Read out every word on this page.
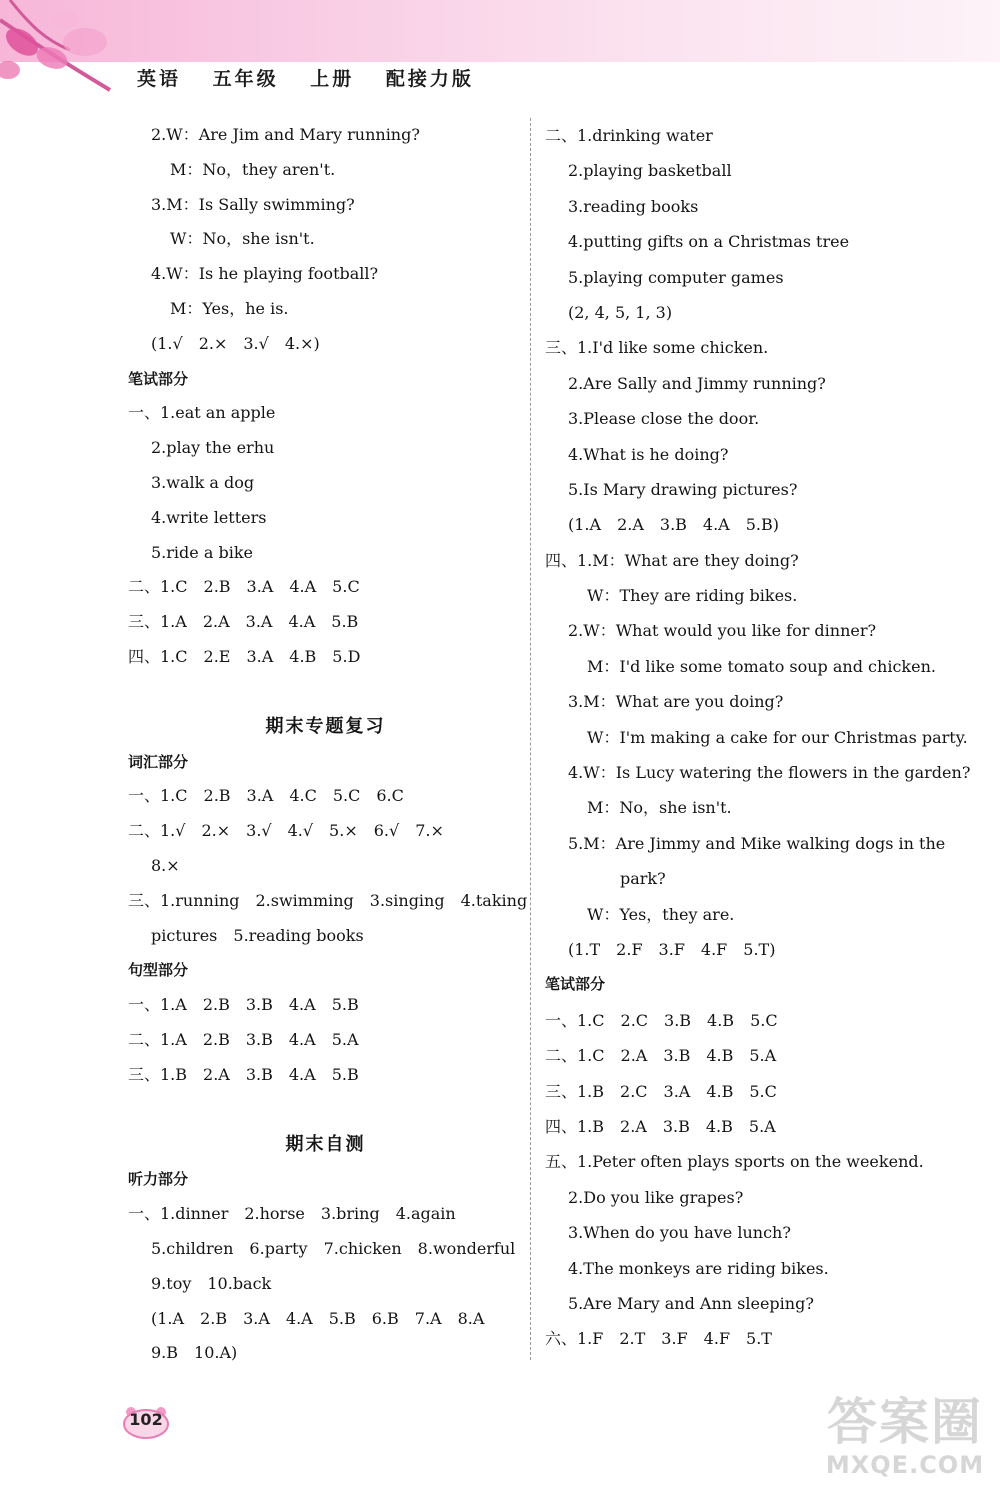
英语 五年级 上册 配接力版
2.W：Are Jim and Mary running?
M：No，they aren't.
3.M：Is Sally swimming?
W：No，she isn't.
4.W：Is he playing football?
M：Yes，he is.
(1.√　2.×　3.√　4.×)
笔试部分
一、1.eat an apple
2.play the erhu
3.walk a dog
4.write letters
5.ride a bike
二、1.C　2.B　3.A　4.A　5.C
三、1.A　2.A　3.A　4.A　5.B
四、1.C　2.E　3.A　4.B　5.D
期末专题复习
词汇部分
一、1.C　2.B　3.A　4.C　5.C　6.C
二、1.√　2.×　3.√　4.√　5.×　6.√　7.×
8.×
三、1.running　2.swimming　3.singing　4.taking
pictures　5.reading books
句型部分
一、1.A　2.B　3.B　4.A　5.B
二、1.A　2.B　3.B　4.A　5.A
三、1.B　2.A　3.B　4.A　5.B
期末自测
听力部分
一、1.dinner　2.horse　3.bring　4.again
5.children　6.party　7.chicken　8.wonderful
9.toy　10.back
(1.A　2.B　3.A　4.A　5.B　6.B　7.A　8.A
9.B　10.A)
二、1.drinking water
2.playing basketball
3.reading books
4.putting gifts on a Christmas tree
5.playing computer games
(2, 4, 5, 1, 3)
三、1.I'd like some chicken.
2.Are Sally and Jimmy running?
3.Please close the door.
4.What is he doing?
5.Is Mary drawing pictures?
(1.A　2.A　3.B　4.A　5.B)
四、1.M：What are they doing?
W：They are riding bikes.
2.W：What would you like for dinner?
M：I'd like some tomato soup and chicken.
3.M：What are you doing?
W：I'm making a cake for our Christmas party.
4.W：Is Lucy watering the flowers in the garden?
M：No，she isn't.
5.M：Are Jimmy and Mike walking dogs in the
park?
W：Yes，they are.
(1.T　2.F　3.F　4.F　5.T)
笔试部分
一、1.C　2.C　3.B　4.B　5.C
二、1.C　2.A　3.B　4.B　5.A
三、1.B　2.C　3.A　4.B　5.C
四、1.B　2.A　3.B　4.B　5.A
五、1.Peter often plays sports on the weekend.
2.Do you like grapes?
3.When do you have lunch?
4.The monkeys are riding bikes.
5.Are Mary and Ann sleeping?
六、1.F　2.T　3.F　4.F　5.T
102	答案圈
MXQE.COM
